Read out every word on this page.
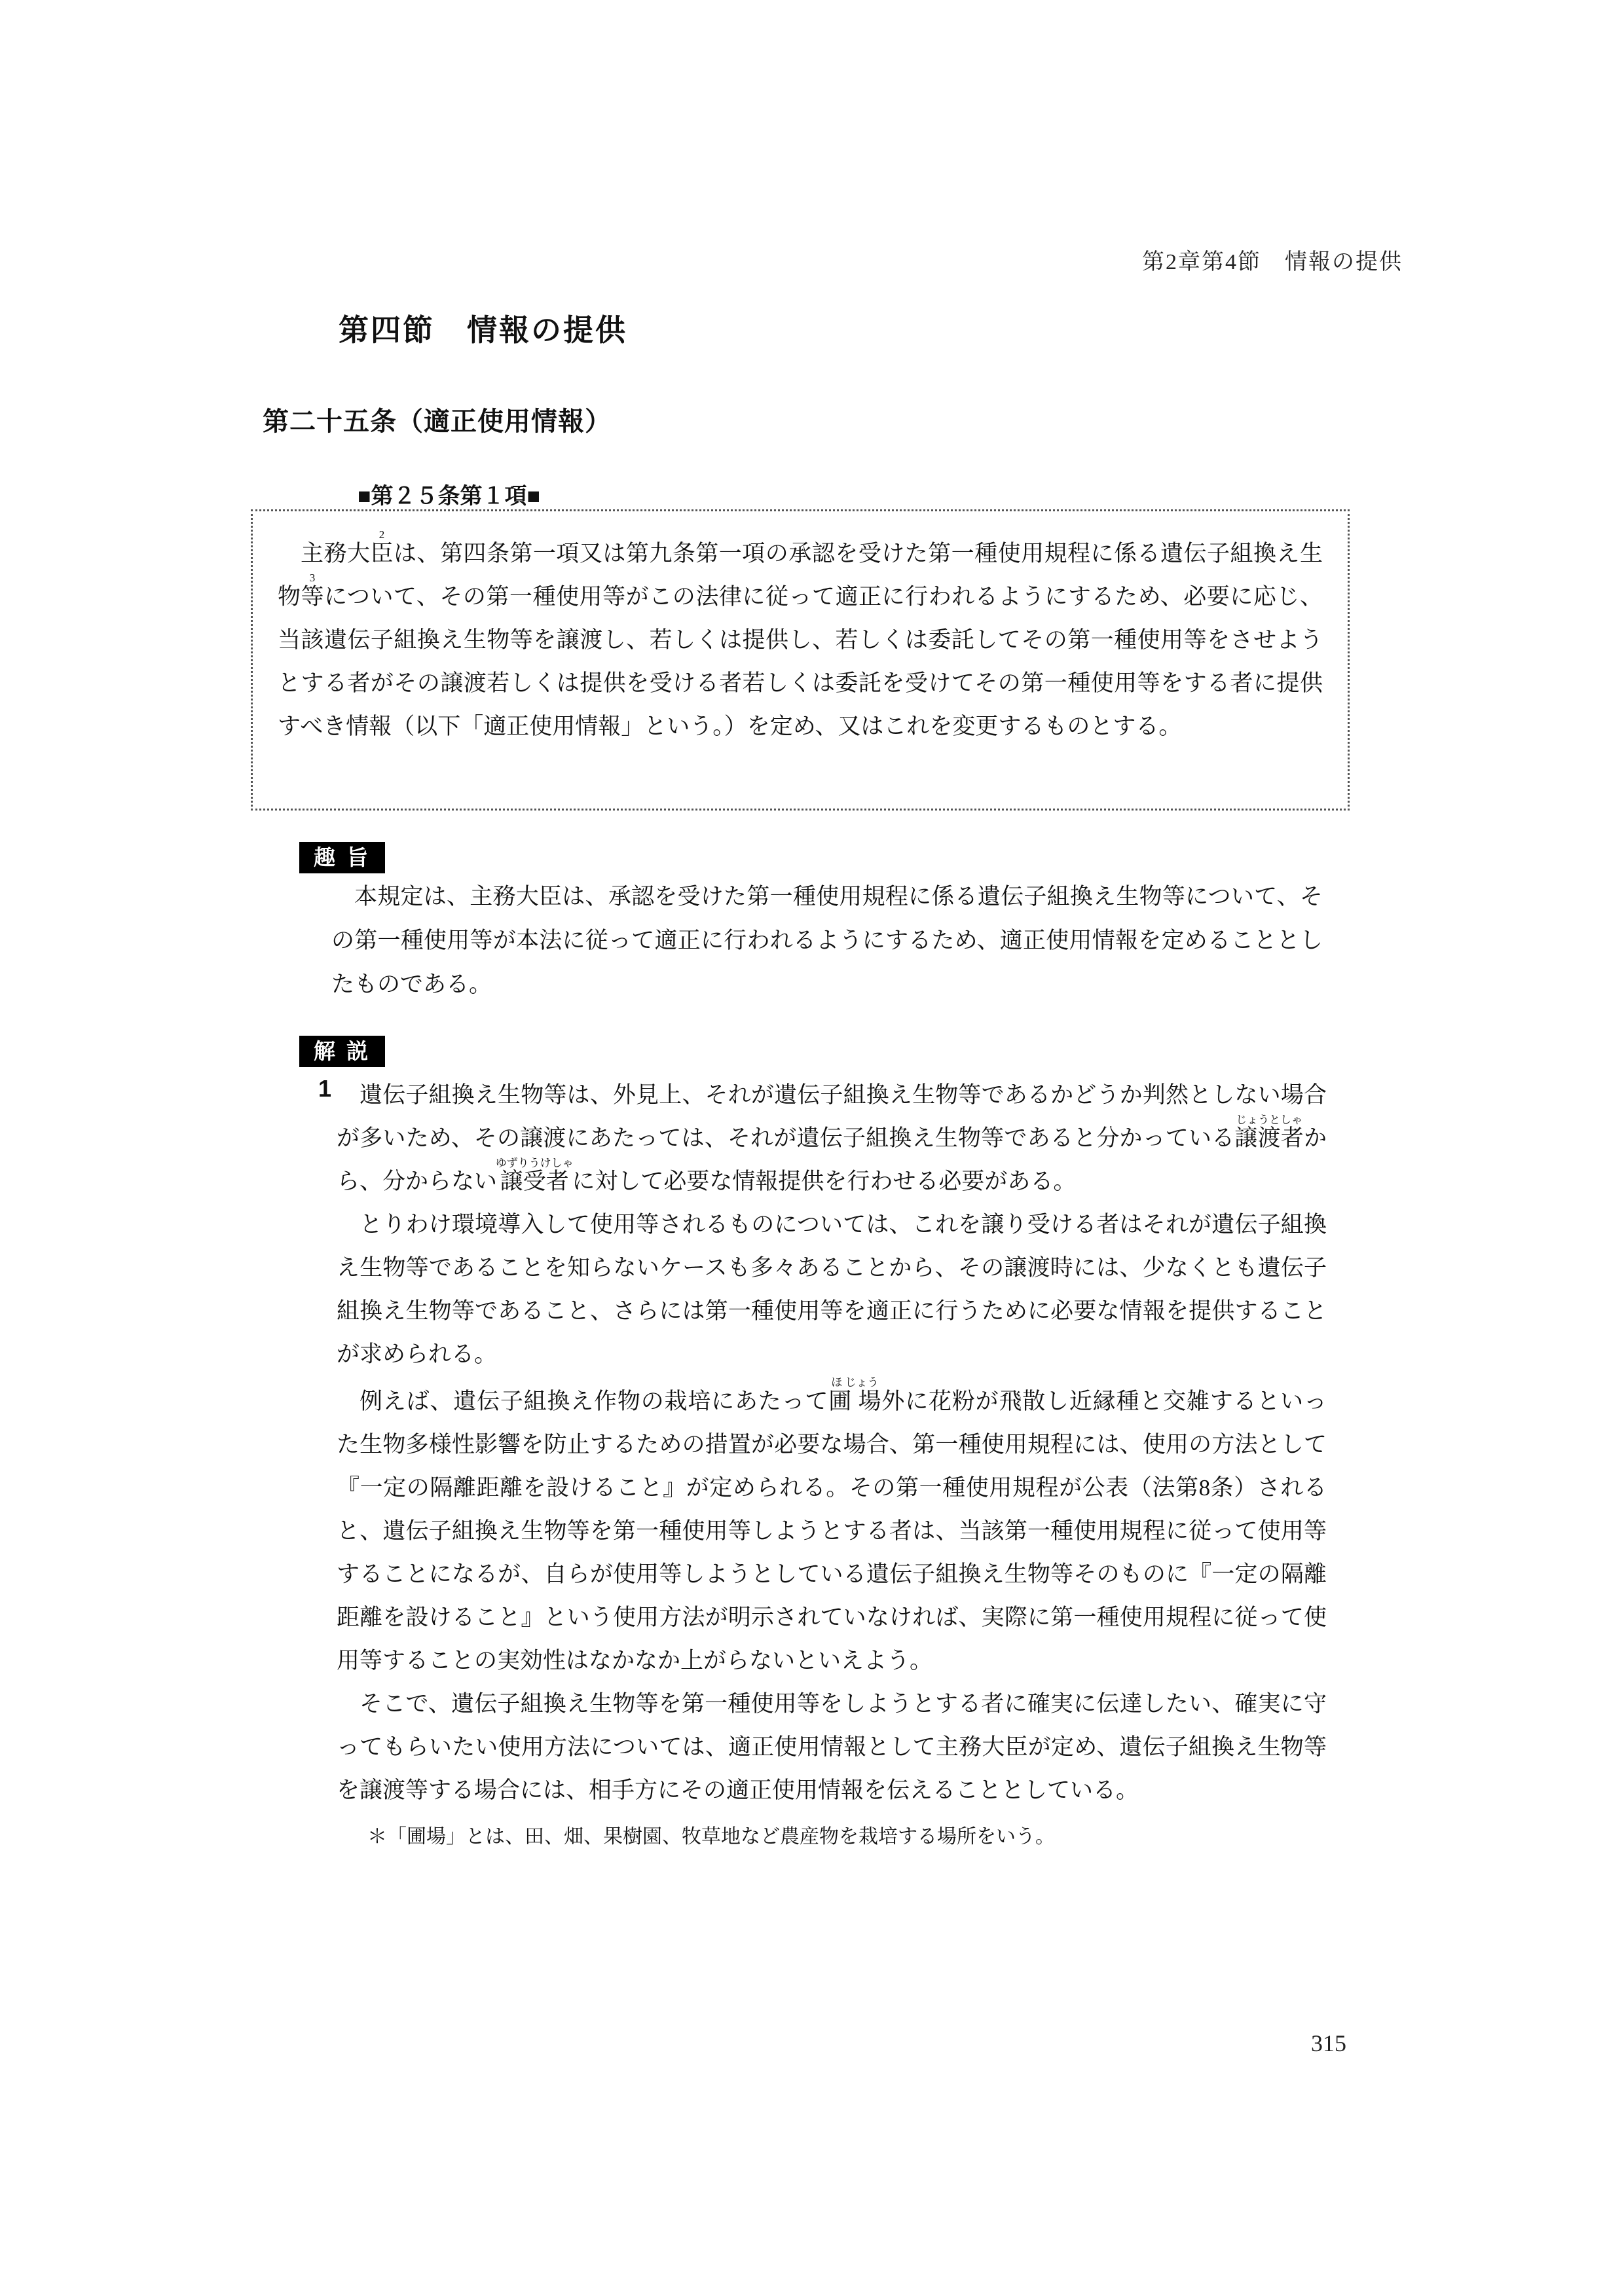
第2章第4節　情報の提供
第四節　情報の提供
第二十五条（適正使用情報）
■第２５条第１項■

主務大臣2は、第四条第一項又は第九条第一項の承認を受けた第一種使用規程に係る遺伝子組換え生物等3について、その第一種使用等がこの法律に従って適正に行われるようにするため、必要に応じ、当該遺伝子組換え生物等を譲渡し、若しくは提供し、若しくは委託してその第一種使用等をさせようとする者がその譲渡若しくは提供を受ける者若しくは委託を受けてその第一種使用等をする者に提供すべき情報（以下「適正使用情報」という。）を定め、又はこれを変更するものとする。

趣 旨

本規定は、主務大臣は、承認を受けた第一種使用規程に係る遺伝子組換え生物等について、その第一種使用等が本法に従って適正に行われるようにするため、適正使用情報を定めることとしたものである。

解 説
1	遺伝子組換え生物等は、外見上、それが遺伝子組換え生物等であるかどうか判然としない場合が多いため、その譲渡にあたっては、それが遺伝子組換え生物等であると分かっている譲渡者じょうとしゃから、分からない譲受者ゆずりうけしゃに対して必要な情報提供を行わせる必要がある。

とりわけ環境導入して使用等されるものについては、これを譲り受ける者はそれが遺伝子組換え生物等であることを知らないケースも多々あることから、その譲渡時には、少なくとも遺伝子組換え生物等であること、さらには第一種使用等を適正に行うために必要な情報を提供することが求められる。

例えば、遺伝子組換え作物の栽培にあたって圃 場ほ じょう外に花粉が飛散し近縁種と交雑するといった生物多様性影響を防止するための措置が必要な場合、第一種使用規程には、使用の方法として『一定の隔離距離を設けること』が定められる。その第一種使用規程が公表（法第8条）されると、遺伝子組換え生物等を第一種使用等しようとする者は、当該第一種使用規程に従って使用等することになるが、自らが使用等しようとしている遺伝子組換え生物等そのものに『一定の隔離距離を設けること』という使用方法が明示されていなければ、実際に第一種使用規程に従って使用等することの実効性はなかなか上がらないといえよう。

そこで、遺伝子組換え生物等を第一種使用等をしようとする者に確実に伝達したい、確実に守ってもらいたい使用方法については、適正使用情報として主務大臣が定め、遺伝子組換え生物等を譲渡等する場合には、相手方にその適正使用情報を伝えることとしている。

＊「圃場」とは、田、畑、果樹園、牧草地など農産物を栽培する場所をいう。

315
